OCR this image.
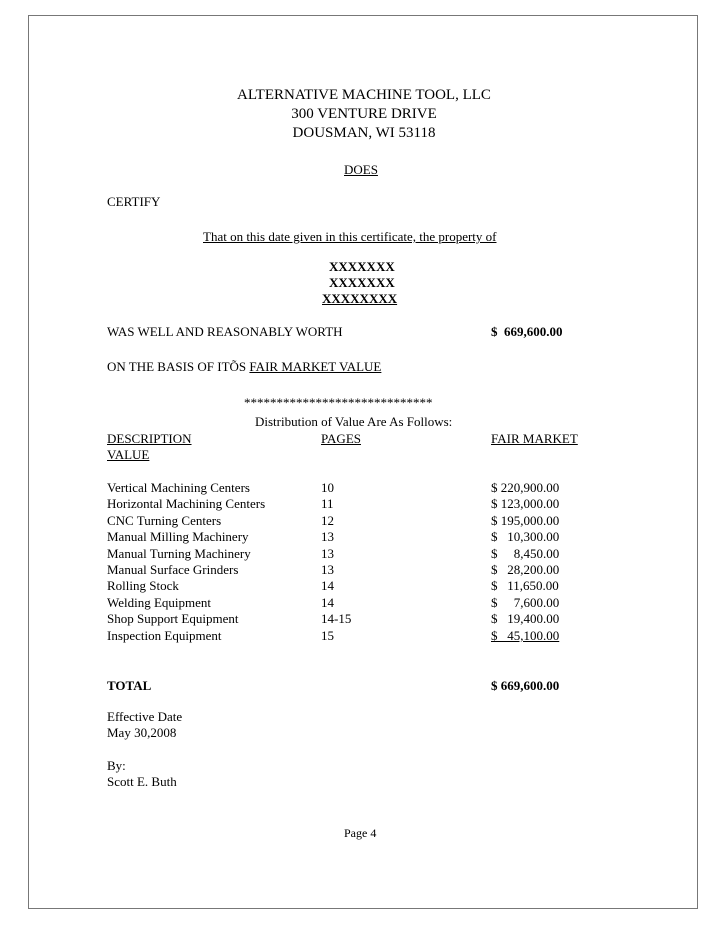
ALTERNATIVE MACHINE TOOL, LLC
300 VENTURE DRIVE
DOUSMAN, WI 53118
DOES
CERTIFY
That on this date given in this certificate, the property of
XXXXXXX
XXXXXXX
XXXXXXXX
WAS WELL AND REASONABLY WORTH	$  669,600.00
ON THE BASIS OF ITÕS FAIR MARKET VALUE
*****************************
Distribution of Value Are As Follows:
DESCRIPTION	PAGES	FAIR MARKET
VALUE
Vertical Machining Centers	10	$ 220,900.00
Horizontal Machining Centers	11	$ 123,000.00
CNC Turning Centers	12	$ 195,000.00
Manual Milling Machinery	13	$   10,300.00
Manual Turning Machinery	13	$     8,450.00
Manual Surface Grinders	13	$   28,200.00
Rolling Stock	14	$   11,650.00
Welding Equipment	14	$     7,600.00
Shop Support Equipment	14-15	$   19,400.00
Inspection Equipment	15	$   45,100.00
TOTAL	$ 669,600.00
Effective Date
May 30,2008
By:
Scott E. Buth
Page 4
